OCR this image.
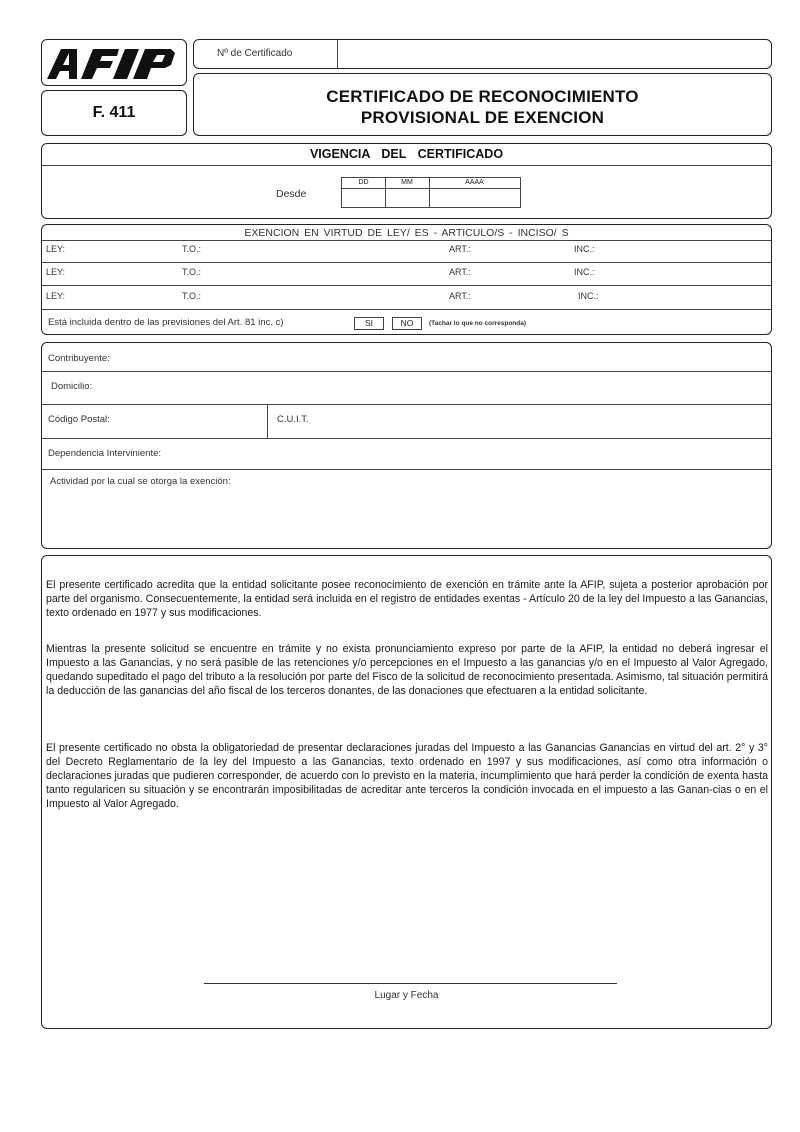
F. 411
Nº de Certificado
CERTIFICADO DE RECONOCIMIENTO
PROVISIONAL DE EXENCION
VIGENCIA DEL CERTIFICADO
Desde
DD	MM	AAAA
EXENCION EN VIRTUD DE LEY/ ES - ARTICULO/S - INCISO/ S
LEY:	T.O.:	ART.:	INC.:
LEY:	T.O.:	ART.:	INC.:
LEY:	T.O.:	ART.:	INC.:
Está incluida dentro de las previsiones del Art. 81 inc. c)	SI	NO	(Tachar lo que no corresponda)
Contribuyente:
Domicilio:
Código Postal:	C.U.I.T.
Dependencia Interviniente:
Actividad por la cual se otorga la exención:
El presente certificado acredita que la entidad solicitante posee reconocimiento de exención en trámite ante la AFIP, sujeta a posterior aprobación por parte del organismo. Consecuentemente, la entidad será incluida en el registro de entidades exentas - Artículo 20 de la ley del Impuesto a las Ganancias, texto ordenado en 1977 y sus modificaciones.
Mientras la presente solicitud se encuentre en trámite y no exista pronunciamiento expreso por parte de la AFIP, la entidad no deberá ingresar el Impuesto a las Ganancias, y no será pasible de las retenciones y/o percepciones en el Impuesto a las ganancias y/o en el Impuesto al Valor Agregado, quedando supeditado el pago del tributo a la resolución por parte del Fisco de la solicitud de reconocimiento presentada. Asimismo, tal situación permitirá la deducción de las ganancias del año fiscal de los terceros donantes, de las donaciones que efectuaren a la entidad solicitante.
El presente certificado no obsta la obligatoriedad de presentar declaraciones juradas del Impuesto a las Ganancias Ganancias en virtud del art. 2° y 3° del Decreto Reglamentario de la ley del Impuesto a las Ganancias, texto ordenado en 1997 y sus modificaciones, así como otra información o declaraciones juradas que pudieren corresponder, de acuerdo con lo previsto en la materia, incumplimiento que hará perder la condición de exenta hasta tanto regularicen su situación y se encontrarán imposibilitadas de acreditar ante terceros la condición invocada en el impuesto a las Ganan-cias o en el Impuesto al Valor Agregado.
Lugar y Fecha
